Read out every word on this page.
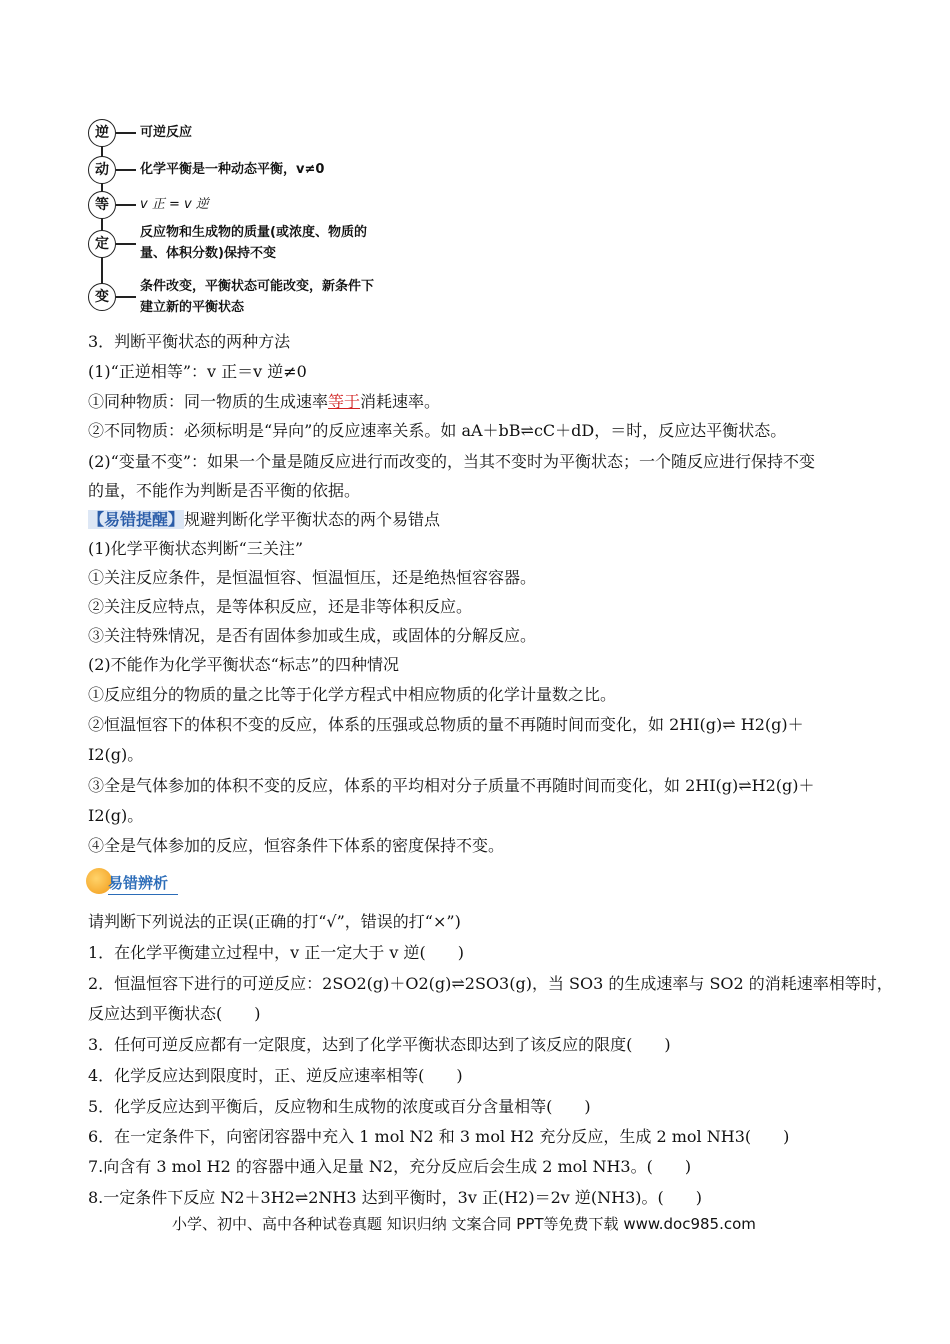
逆	可逆反应
动	化学平衡是一种动态平衡，v≠0
等	v 正 = v 逆
定
反应物和生成物的质量(或浓度、物质的
量、体积分数)保持不变
变
条件改变，平衡状态可能改变，新条件下
建立新的平衡状态
3．判断平衡状态的两种方法
(1)“正逆相等”：v 正＝v 逆≠0
①同种物质：同一物质的生成速率等于消耗速率。
②不同物质：必须标明是“异向”的反应速率关系。如 aA＋bB⇌cC＋dD，＝时，反应达平衡状态。
(2)“变量不变”：如果一个量是随反应进行而改变的，当其不变时为平衡状态；一个随反应进行保持不变
的量，不能作为判断是否平衡的依据。
【易错提醒】规避判断化学平衡状态的两个易错点
(1)化学平衡状态判断“三关注”
①关注反应条件，是恒温恒容、恒温恒压，还是绝热恒容容器。
②关注反应特点，是等体积反应，还是非等体积反应。
③关注特殊情况，是否有固体参加或生成，或固体的分解反应。
(2)不能作为化学平衡状态“标志”的四种情况
①反应组分的物质的量之比等于化学方程式中相应物质的化学计量数之比。
②恒温恒容下的体积不变的反应，体系的压强或总物质的量不再随时间而变化，如 2HI(g)⇌ H2(g)＋
I2(g)。
③全是气体参加的体积不变的反应，体系的平均相对分子质量不再随时间而变化，如 2HI(g)⇌H2(g)＋
I2(g)。
④全是气体参加的反应，恒容条件下体系的密度保持不变。
易错辨析
请判断下列说法的正误(正确的打“√”，错误的打“×”)
1．在化学平衡建立过程中，v 正一定大于 v 逆(　　)
2．恒温恒容下进行的可逆反应：2SO2(g)＋O2(g)⇌2SO3(g)，当 SO3 的生成速率与 SO2 的消耗速率相等时，
反应达到平衡状态(　　)
3．任何可逆反应都有一定限度，达到了化学平衡状态即达到了该反应的限度(　　)
4．化学反应达到限度时，正、逆反应速率相等(　　)
5．化学反应达到平衡后，反应物和生成物的浓度或百分含量相等(　　)
6．在一定条件下，向密闭容器中充入 1 mol N2 和 3 mol H2 充分反应，生成 2 mol NH3(　　)
7.向含有 3 mol H2 的容器中通入足量 N2，充分反应后会生成 2 mol NH3。(　　)
8.一定条件下反应 N2＋3H2⇌2NH3 达到平衡时，3v 正(H2)＝2v 逆(NH3)。(　　)
小学、初中、高中各种试卷真题 知识归纳 文案合同 PPT等免费下载 www.doc985.com
